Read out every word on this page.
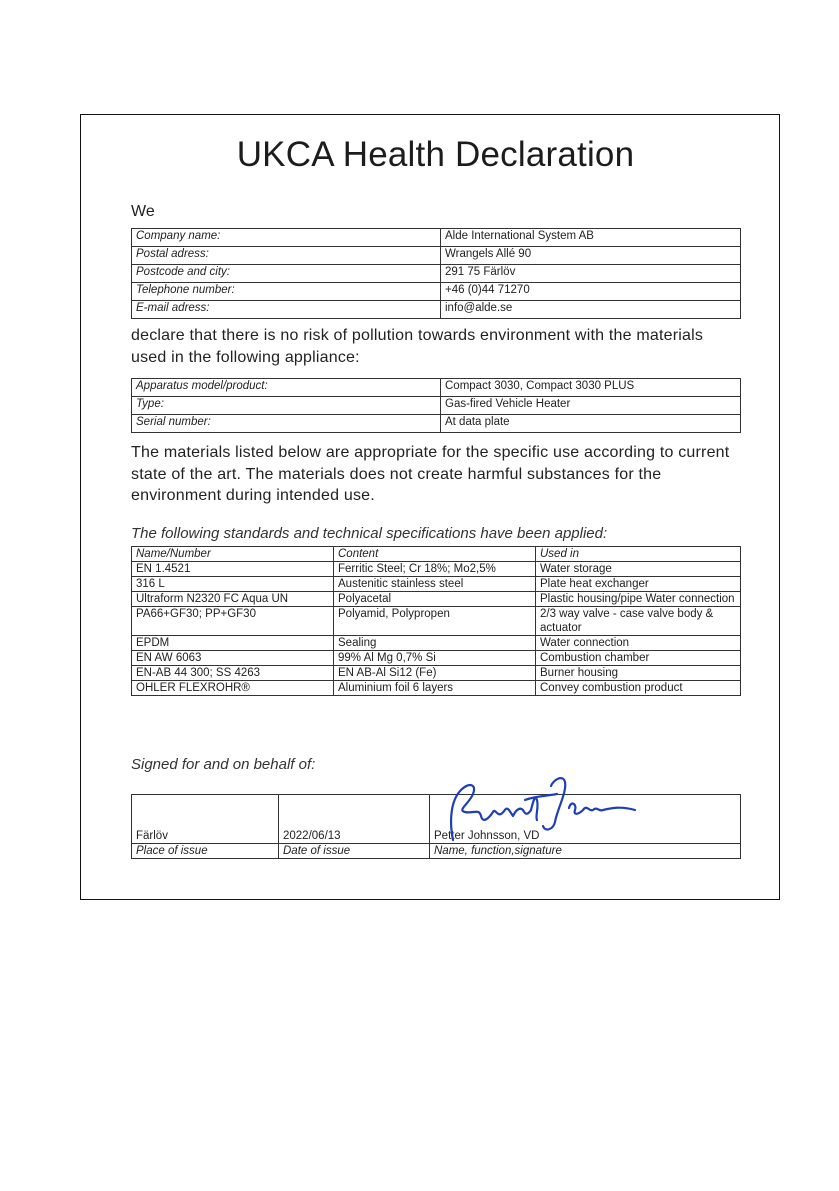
UKCA Health Declaration
We
Company name:	Alde International System AB
Postal adress:	Wrangels Allé 90
Postcode and city:	291 75 Färlöv
Telephone number:	+46 (0)44 71270
E-mail adress:	info@alde.se
declare that there is no risk of pollution towards environment with the materials used in the following appliance:
Apparatus model/product:	Compact 3030, Compact 3030 PLUS
Type:	Gas-fired Vehicle Heater
Serial number:	At data plate
The materials listed below are appropriate for the specific use according to current state of the art. The materials does not create harmful substances for the environment during intended use.
The following standards and technical specifications have been applied:
Name/Number	Content	Used in
EN 1.4521	Ferritic Steel; Cr 18%; Mo2,5%	Water storage
316 L	Austenitic stainless steel	Plate heat exchanger
Ultraform N2320 FC Aqua UN	Polyacetal	Plastic housing/pipe Water connection
PA66+GF30; PP+GF30	Polyamid, Polypropen	2/3 way valve - case valve body & actuator
EPDM	Sealing	Water connection
EN AW 6063	99% Al Mg 0,7% Si	Combustion chamber
EN-AB 44 300; SS 4263	EN AB-Al Si12 (Fe)	Burner housing
OHLER FLEXROHR®	Aluminium foil 6 layers	Convey combustion product
Signed for and on behalf of:
Färlöv	2022/06/13	Petter Johnsson, VD
Place of issue	Date of issue	Name, function,signature
